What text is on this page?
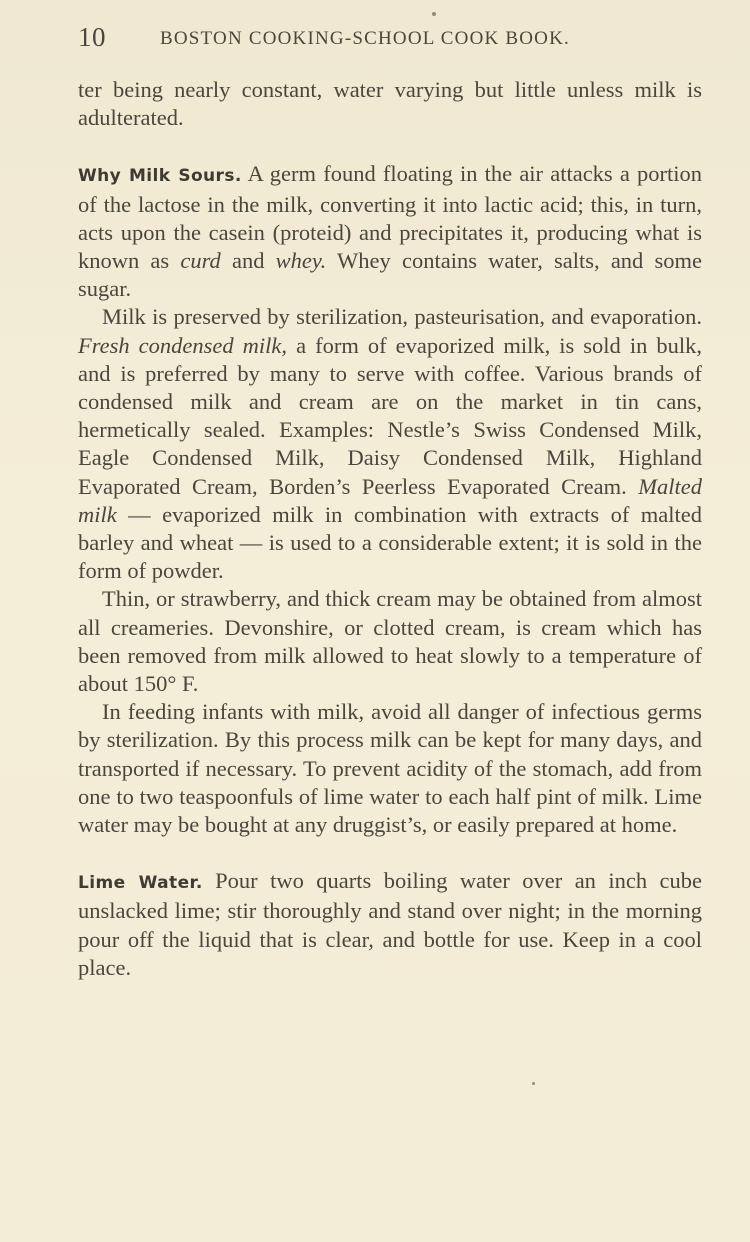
10	BOSTON COOKING-SCHOOL COOK BOOK.

ter being nearly constant, water varying but little unless milk is adulterated.

Why Milk Sours. A germ found floating in the air attacks a portion of the lactose in the milk, converting it into lactic acid; this, in turn, acts upon the casein (proteid) and precipitates it, producing what is known as curd and whey. Whey contains water, salts, and some sugar.

Milk is preserved by sterilization, pasteurisation, and evaporation. Fresh condensed milk, a form of evaporized milk, is sold in bulk, and is preferred by many to serve with coffee. Various brands of condensed milk and cream are on the market in tin cans, hermetically sealed. Examples: Nestle’s Swiss Condensed Milk, Eagle Condensed Milk, Daisy Condensed Milk, Highland Evaporated Cream, Borden’s Peerless Evaporated Cream. Malted milk — evaporized milk in combination with extracts of malted barley and wheat — is used to a considerable extent; it is sold in the form of powder.

Thin, or strawberry, and thick cream may be obtained from almost all creameries. Devonshire, or clotted cream, is cream which has been removed from milk allowed to heat slowly to a temperature of about 150° F.

In feeding infants with milk, avoid all danger of infectious germs by sterilization. By this process milk can be kept for many days, and transported if necessary. To prevent acidity of the stomach, add from one to two teaspoonfuls of lime water to each half pint of milk. Lime water may be bought at any druggist’s, or easily prepared at home.

Lime Water. Pour two quarts boiling water over an inch cube unslacked lime; stir thoroughly and stand over night; in the morning pour off the liquid that is clear, and bottle for use. Keep in a cool place.
